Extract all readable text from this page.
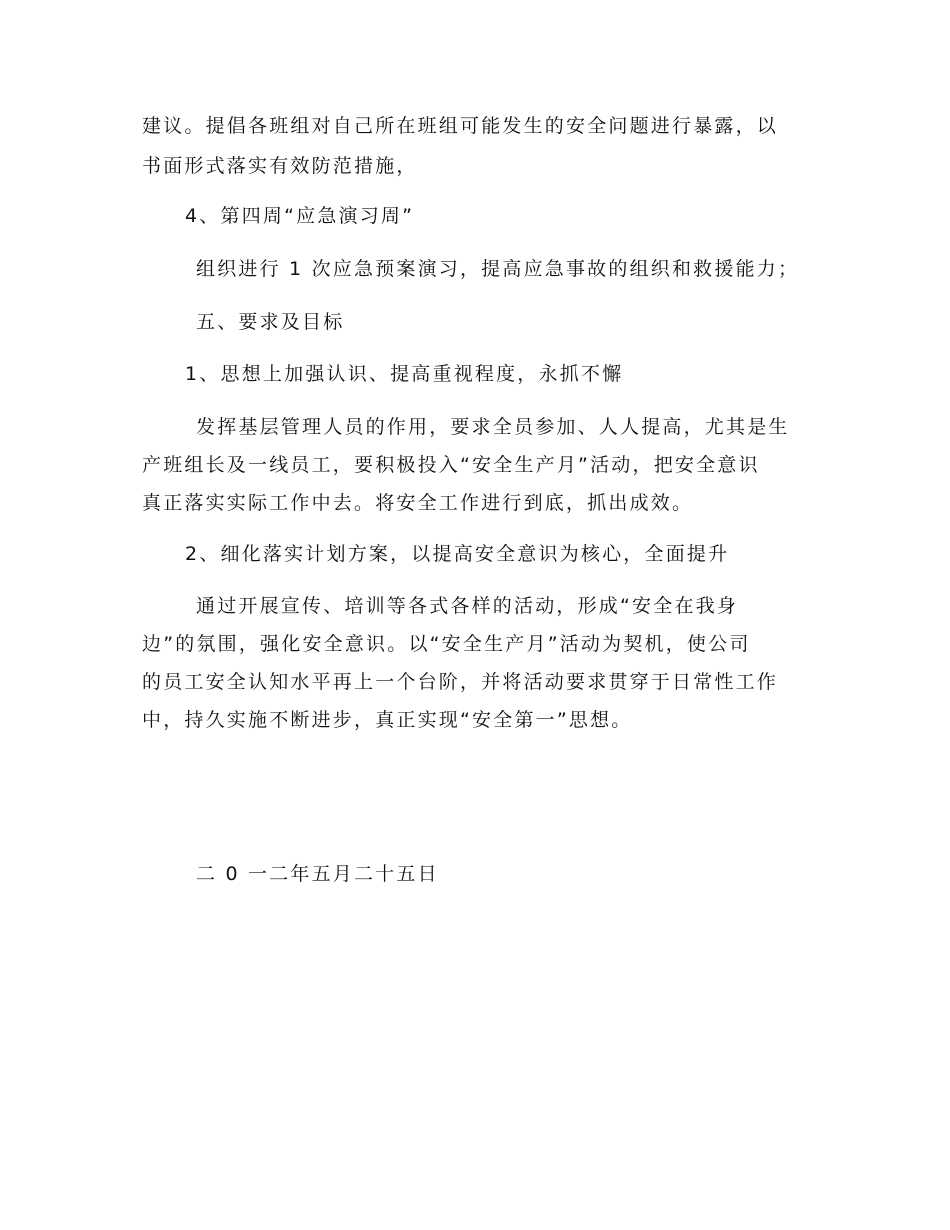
建议。提倡各班组对自己所在班组可能发生的安全问题进行暴露，以
书面形式落实有效防范措施，
4、第四周“应急演习周”
组织进行 1 次应急预案演习，提高应急事故的组织和救援能力；
五、要求及目标
1、思想上加强认识、提高重视程度，永抓不懈
发挥基层管理人员的作用，要求全员参加、人人提高，尤其是生
产班组长及一线员工，要积极投入“安全生产月”活动，把安全意识
真正落实实际工作中去。将安全工作进行到底，抓出成效。
2、细化落实计划方案，以提高安全意识为核心，全面提升
通过开展宣传、培训等各式各样的活动，形成“安全在我身
边”的氛围，强化安全意识。以“安全生产月”活动为契机，使公司
的员工安全认知水平再上一个台阶，并将活动要求贯穿于日常性工作
中，持久实施不断进步，真正实现“安全第一”思想。
二 0 一二年五月二十五日
